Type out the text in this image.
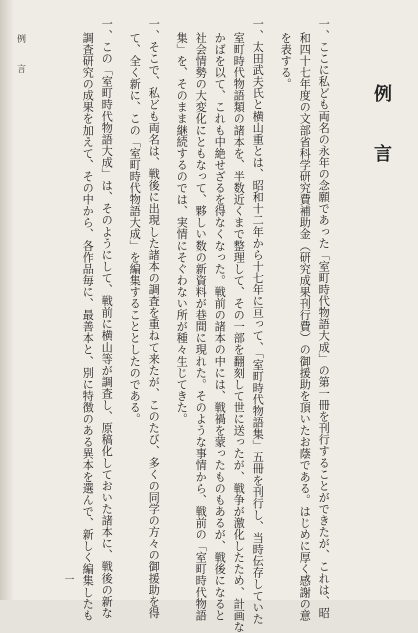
例　言
一、ここに私ども両名の永年の念願であった「室町時代物語大成」の第一冊を刊行することができたが、これは、昭
和四十七年度の文部省科学研究費補助金（研究成果刊行費）の御援助を頂いたお蔭である。はじめに厚く感謝の意
を表する。
一、太田武夫氏と横山重とは、昭和十二年から十七年に亘って、「室町時代物語集」五冊を刊行し、当時伝存していた
室町時代物語類の諸本を、半数近くまで整理して、その一部を翻刻して世に送ったが、戦争が激化したため、計画な
かばを以て、これも中絶せざるを得なくなった。戦前の諸本の中には、戦禍を蒙ったものもあるが、戦後になると
社会情勢の大変化にともなって、夥しい数の新資料が巷間に現れた。そのような事情から、戦前の「室町時代物語
集」を、そのまま継続するのでは、実情にそぐわない所が種々生じてきた。
一、そこで、私ども両名は、戦後に出現した諸本の調査を重ねて来たが、このたび、多くの同学の方々の御援助を得
て、全く新に、この「室町時代物語大成」を編集することとしたのである。
一、この「室町時代物語大成」は、そのようにして、戦前に横山等が調査し、原稿化しておいた諸本に、戦後の新な
調査研究の成果を加えて、その中から、各作品毎に、最善本と、別に特徴のある異本を選んで、新しく編集したも
例　言
一
